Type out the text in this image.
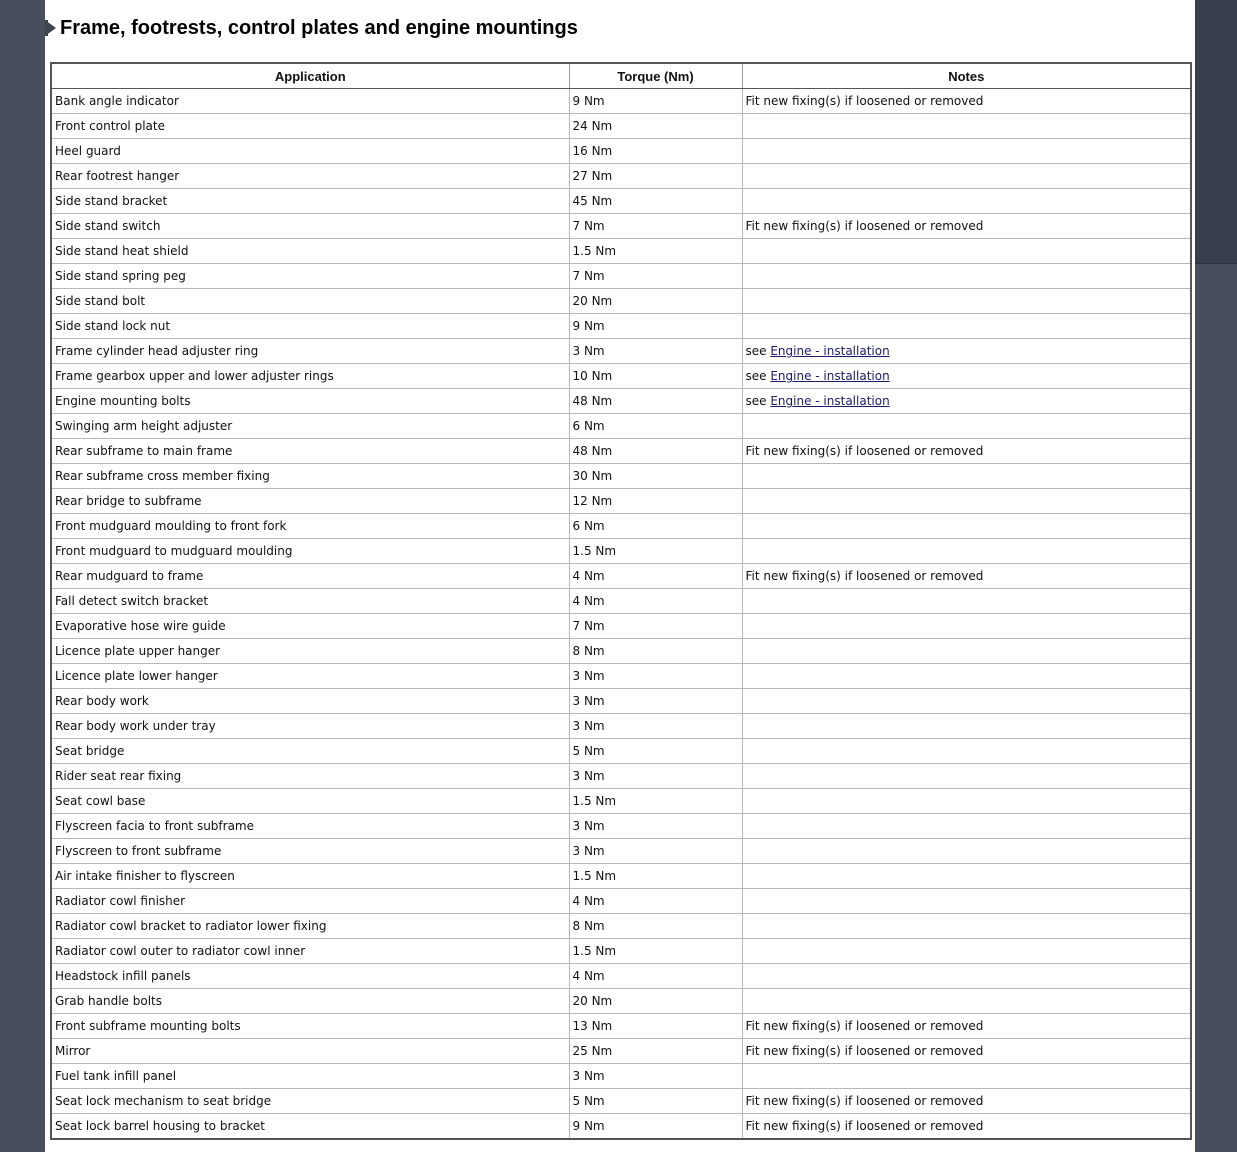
Frame, footrests, control plates and engine mountings
Application	Torque (Nm)	Notes
Bank angle indicator	9 Nm	Fit new fixing(s) if loosened or removed
Front control plate	24 Nm	
Heel guard	16 Nm	
Rear footrest hanger	27 Nm	
Side stand bracket	45 Nm	
Side stand switch	7 Nm	Fit new fixing(s) if loosened or removed
Side stand heat shield	1.5 Nm	
Side stand spring peg	7 Nm	
Side stand bolt	20 Nm	
Side stand lock nut	9 Nm	
Frame cylinder head adjuster ring	3 Nm	see Engine - installation
Frame gearbox upper and lower adjuster rings	10 Nm	see Engine - installation
Engine mounting bolts	48 Nm	see Engine - installation
Swinging arm height adjuster	6 Nm	
Rear subframe to main frame	48 Nm	Fit new fixing(s) if loosened or removed
Rear subframe cross member fixing	30 Nm	
Rear bridge to subframe	12 Nm	
Front mudguard moulding to front fork	6 Nm	
Front mudguard to mudguard moulding	1.5 Nm	
Rear mudguard to frame	4 Nm	Fit new fixing(s) if loosened or removed
Fall detect switch bracket	4 Nm	
Evaporative hose wire guide	7 Nm	
Licence plate upper hanger	8 Nm	
Licence plate lower hanger	3 Nm	
Rear body work	3 Nm	
Rear body work under tray	3 Nm	
Seat bridge	5 Nm	
Rider seat rear fixing	3 Nm	
Seat cowl base	1.5 Nm	
Flyscreen facia to front subframe	3 Nm	
Flyscreen to front subframe	3 Nm	
Air intake finisher to flyscreen	1.5 Nm	
Radiator cowl finisher	4 Nm	
Radiator cowl bracket to radiator lower fixing	8 Nm	
Radiator cowl outer to radiator cowl inner	1.5 Nm	
Headstock infill panels	4 Nm	
Grab handle bolts	20 Nm	
Front subframe mounting bolts	13 Nm	Fit new fixing(s) if loosened or removed
Mirror	25 Nm	Fit new fixing(s) if loosened or removed
Fuel tank infill panel	3 Nm	
Seat lock mechanism to seat bridge	5 Nm	Fit new fixing(s) if loosened or removed
Seat lock barrel housing to bracket	9 Nm	Fit new fixing(s) if loosened or removed
